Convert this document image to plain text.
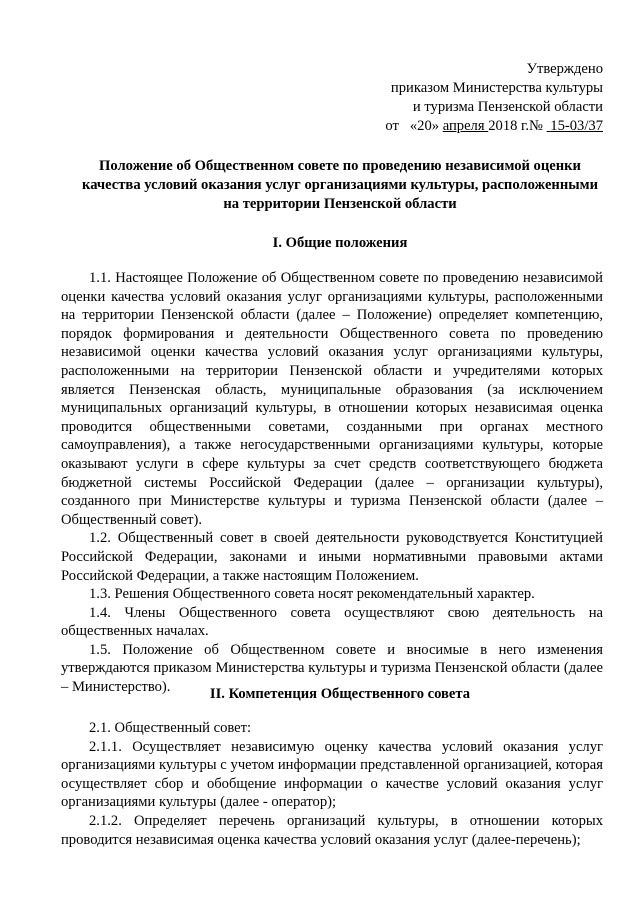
Утверждено
приказом Министерства культуры
и туризма Пензенской области
от «20» апреля 2018 г.№ 15-03/37
Положение об Общественном совете по проведению независимой оценки
качества условий оказания услуг организациями культуры, расположенными
на территории Пензенской области
I. Общие положения

1.1. Настоящее Положение об Общественном совете по проведению независимой оценки качества условий оказания услуг организациями культуры, расположенными на территории Пензенской области (далее – Положение) определяет компетенцию, порядок формирования и деятельности Общественного совета по проведению независимой оценки качества условий оказания услуг организациями культуры, расположенными на территории Пензенской области и учредителями которых является Пензенская область, муниципальные образования (за исключением муниципальных организаций культуры, в отношении которых независимая оценка проводится общественными советами, созданными при органах местного самоуправления), а также негосударственными организациями культуры, которые оказывают услуги в сфере культуры за счет средств соответствующего бюджета бюджетной системы Российской Федерации (далее – организации культуры), созданного при Министерстве культуры и туризма Пензенской области (далее – Общественный совет).

1.2. Общественный совет в своей деятельности руководствуется Конституцией Российской Федерации, законами и иными нормативными правовыми актами Российской Федерации, а также настоящим Положением.

1.3. Решения Общественного совета носят рекомендательный характер.

1.4. Члены Общественного совета осуществляют свою деятельность на общественных началах.

1.5. Положение об Общественном совете и вносимые в него изменения утверждаются приказом Министерства культуры и туризма Пензенской области (далее – Министерство).	II. Компетенция Общественного совета

2.1. Общественный совет:

2.1.1. Осуществляет независимую оценку качества условий оказания услуг организациями культуры с учетом информации представленной организацией, которая осуществляет сбор и обобщение информации о качестве условий оказания услуг организациями культуры (далее - оператор);

2.1.2. Определяет перечень организаций культуры, в отношении которых проводится независимая оценка качества условий оказания услуг (далее-перечень);
